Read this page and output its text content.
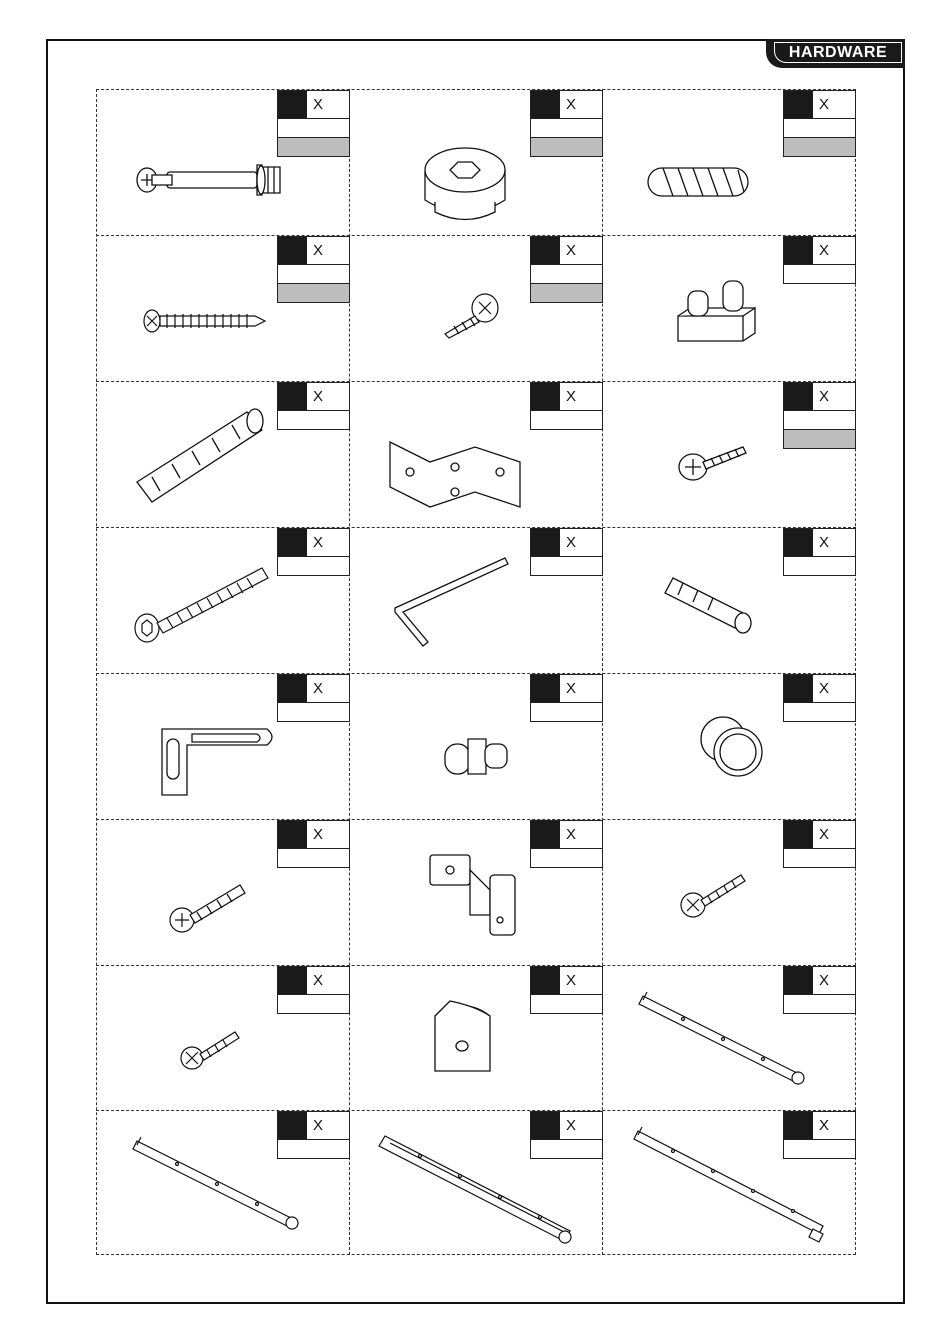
HARDWARE
X	X	X
X	X	X
X	X	X
X	X	X
X	X	X
X	X	X
X	X	X
X	X	X
